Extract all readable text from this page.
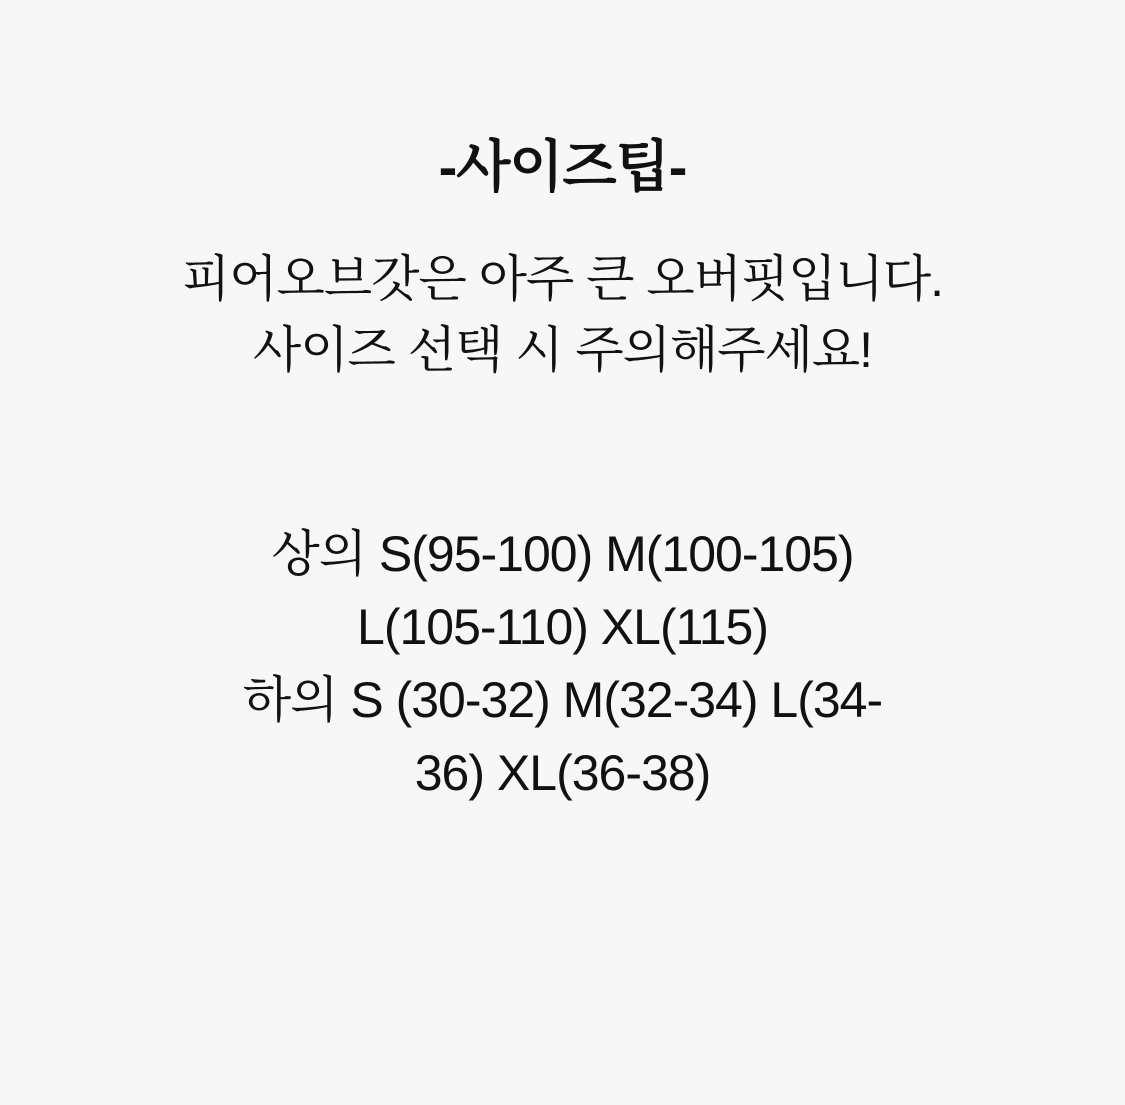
-사이즈팁-
피어오브갓은 아주 큰 오버핏입니다.
사이즈 선택 시 주의해주세요!
상의 S(95-100) M(100-105)
L(105-110) XL(115)
하의 S (30-32) M(32-34) L(34-
36) XL(36-38)
